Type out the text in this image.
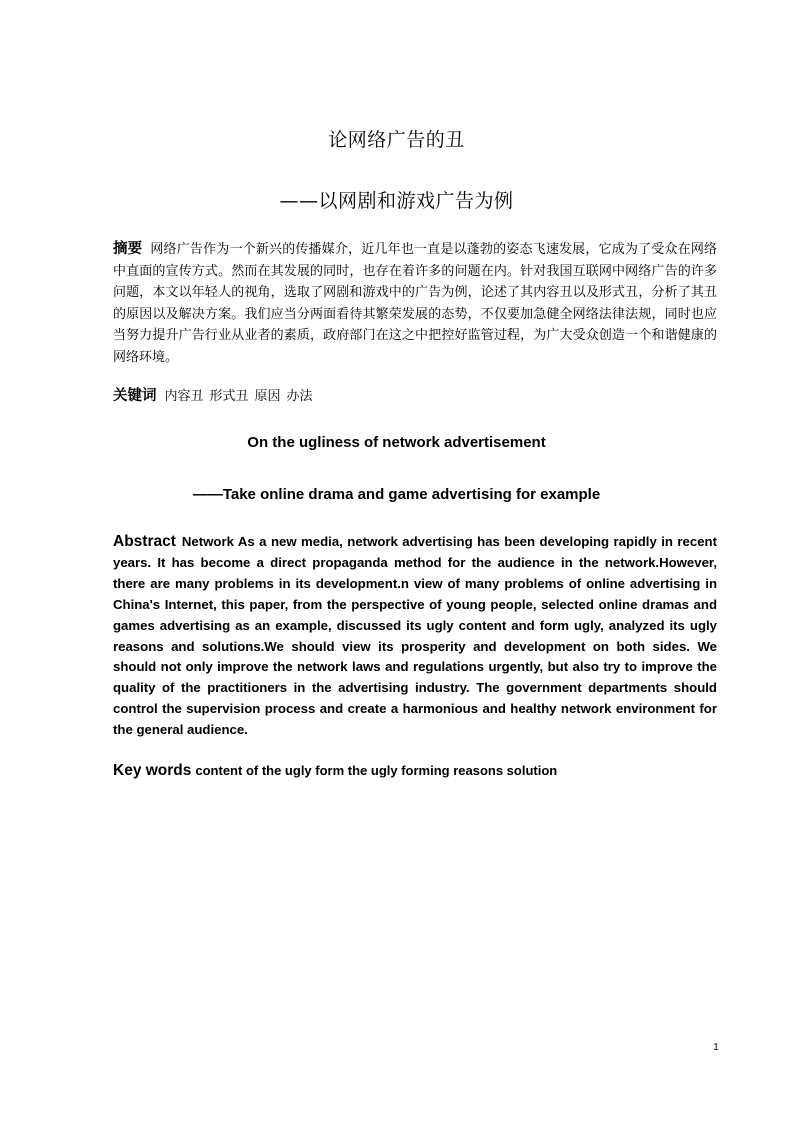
论网络广告的丑
——以网剧和游戏广告为例
摘要 网络广告作为一个新兴的传播媒介，近几年也一直是以蓬勃的姿态飞速发展，它成为了受众在网络中直面的宣传方式。然而在其发展的同时，也存在着许多的问题在内。针对我国互联网中网络广告的许多问题，本文以年轻人的视角，选取了网剧和游戏中的广告为例，论述了其内容丑以及形式丑，分析了其丑的原因以及解决方案。我们应当分两面看待其繁荣发展的态势，不仅要加急健全网络法律法规，同时也应当努力提升广告行业从业者的素质，政府部门在这之中把控好监管过程，为广大受众创造一个和谐健康的网络环境。
关键词 内容丑 形式丑 原因 办法
On the ugliness of network advertisement
——Take online drama and game advertising for example
Abstract Network As a new media, network advertising has been developing rapidly in recent years. It has become a direct propaganda method for the audience in the network.However, there are many problems in its development.n view of many problems of online advertising in China's Internet, this paper, from the perspective of young people, selected online dramas and games advertising as an example, discussed its ugly content and form ugly, analyzed its ugly reasons and solutions.We should view its prosperity and development on both sides. We should not only improve the network laws and regulations urgently, but also try to improve the quality of the practitioners in the advertising industry. The government departments should control the supervision process and create a harmonious and healthy network environment for the general audience.
Key words content of the ugly form the ugly forming reasons solution
1
